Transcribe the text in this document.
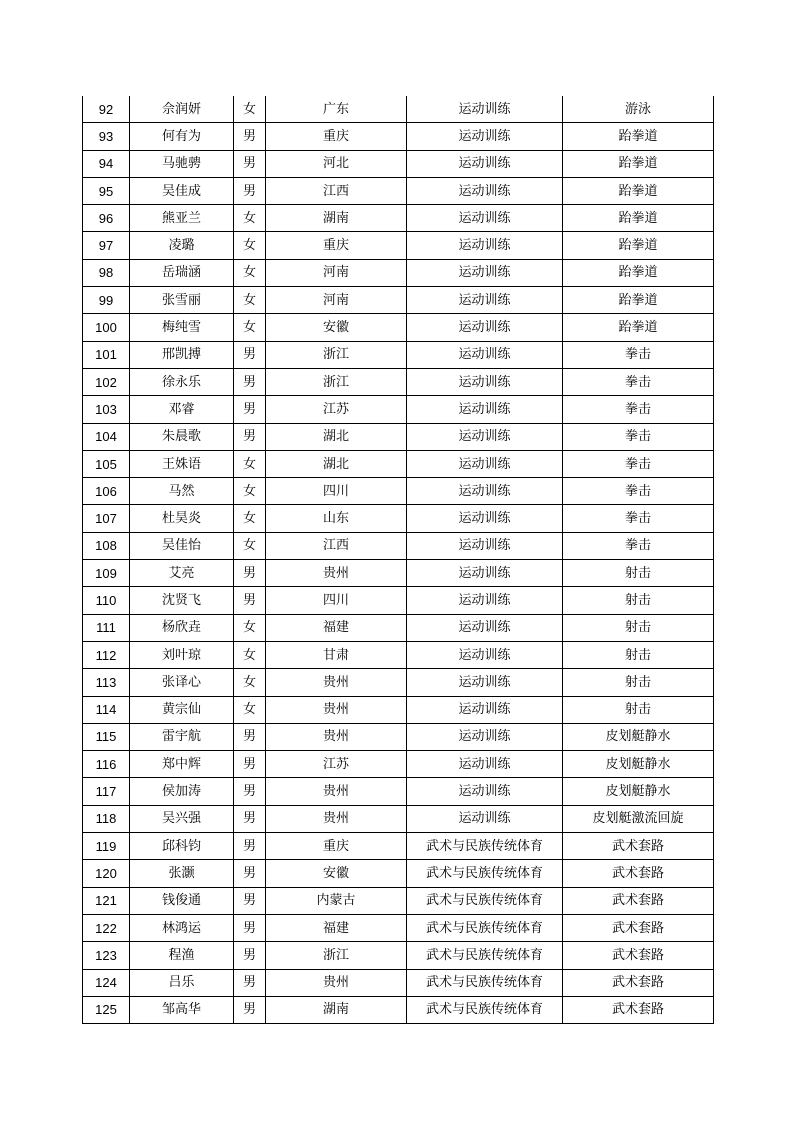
92	佘润妍	女	广东	运动训练	游泳
93	何有为	男	重庆	运动训练	跆拳道
94	马驰骋	男	河北	运动训练	跆拳道
95	吴佳成	男	江西	运动训练	跆拳道
96	熊亚兰	女	湖南	运动训练	跆拳道
97	凌璐	女	重庆	运动训练	跆拳道
98	岳瑞涵	女	河南	运动训练	跆拳道
99	张雪丽	女	河南	运动训练	跆拳道
100	梅纯雪	女	安徽	运动训练	跆拳道
101	邢凯搏	男	浙江	运动训练	拳击
102	徐永乐	男	浙江	运动训练	拳击
103	邓睿	男	江苏	运动训练	拳击
104	朱晨歌	男	湖北	运动训练	拳击
105	王姝语	女	湖北	运动训练	拳击
106	马然	女	四川	运动训练	拳击
107	杜昊炎	女	山东	运动训练	拳击
108	吴佳怡	女	江西	运动训练	拳击
109	艾亮	男	贵州	运动训练	射击
110	沈贤飞	男	四川	运动训练	射击
111	杨欣垚	女	福建	运动训练	射击
112	刘叶琼	女	甘肃	运动训练	射击
113	张译心	女	贵州	运动训练	射击
114	黄宗仙	女	贵州	运动训练	射击
115	雷宇航	男	贵州	运动训练	皮划艇静水
116	郑中辉	男	江苏	运动训练	皮划艇静水
117	侯加涛	男	贵州	运动训练	皮划艇静水
118	吴兴强	男	贵州	运动训练	皮划艇激流回旋
119	邱科钧	男	重庆	武术与民族传统体育	武术套路
120	张灏	男	安徽	武术与民族传统体育	武术套路
121	钱俊通	男	内蒙古	武术与民族传统体育	武术套路
122	林鸿运	男	福建	武术与民族传统体育	武术套路
123	程渔	男	浙江	武术与民族传统体育	武术套路
124	吕乐	男	贵州	武术与民族传统体育	武术套路
125	邹高华	男	湖南	武术与民族传统体育	武术套路
